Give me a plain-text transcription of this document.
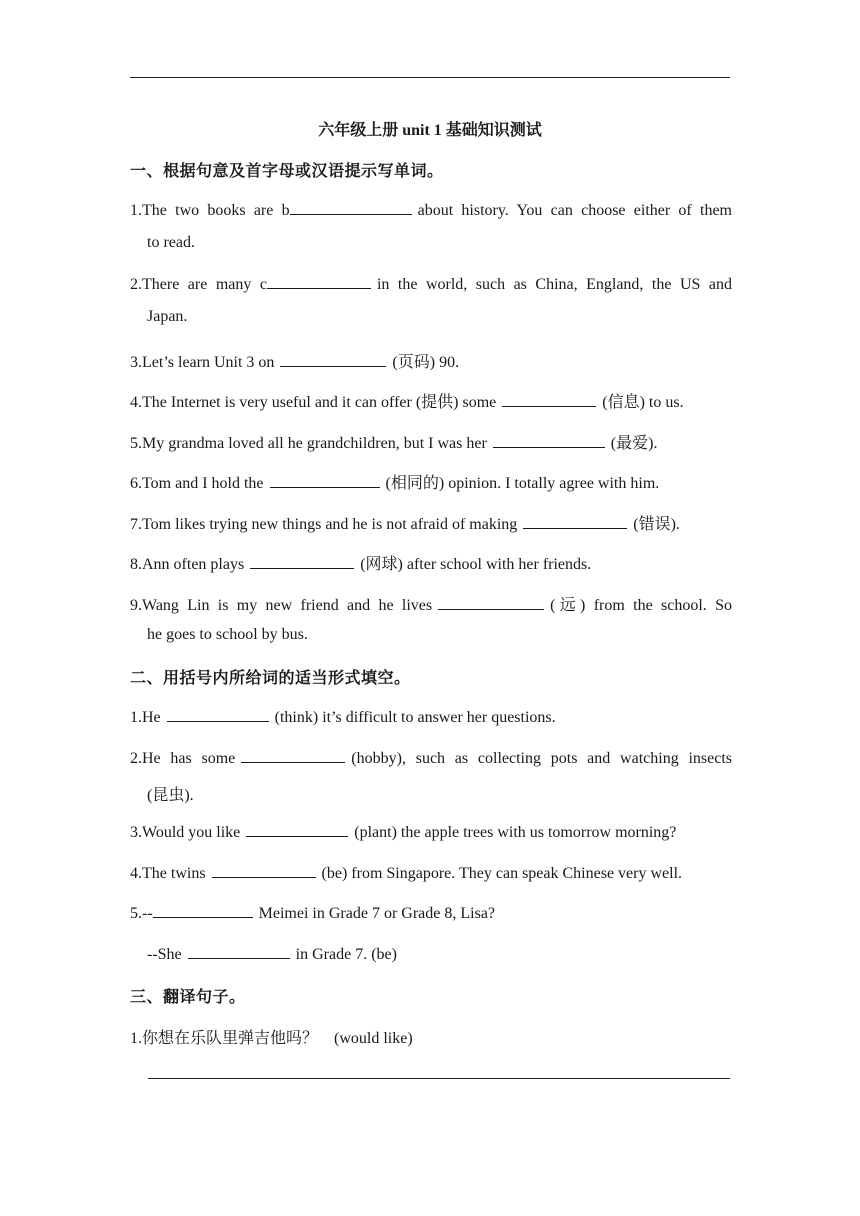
六年级上册 unit 1 基础知识测试
一、根据句意及首字母或汉语提示写单词。
1.The two books are b	about history. You can choose either of them
to read.
2.There are many c	in the world, such as China, England, the US and
Japan.
3.Let’s learn Unit 3 on	(页码) 90.
4.The Internet is very useful and it can offer (提供) some	(信息) to us.
5.My grandma loved all he grandchildren, but I was her	(最爱).
6.Tom and I hold the	(相同的) opinion. I totally agree with him.
7.Tom likes trying new things and he is not afraid of making	(错误).
8.Ann often plays	(网球) after school with her friends.
9.Wang Lin is my new friend and he lives	(远) from the school. So
he goes to school by bus.
二、用括号内所给词的适当形式填空。
1.He	(think) it’s difficult to answer her questions.
2.He has some	(hobby), such as collecting pots and watching insects
(昆虫).
3.Would you like	(plant) the apple trees with us tomorrow morning?
4.The twins	(be) from Singapore. They can speak Chinese very well.
5.--	Meimei in Grade 7 or Grade 8, Lisa?
--She	in Grade 7. (be)
三、翻译句子。
1.你想在乐队里弹吉他吗？    (would like)
